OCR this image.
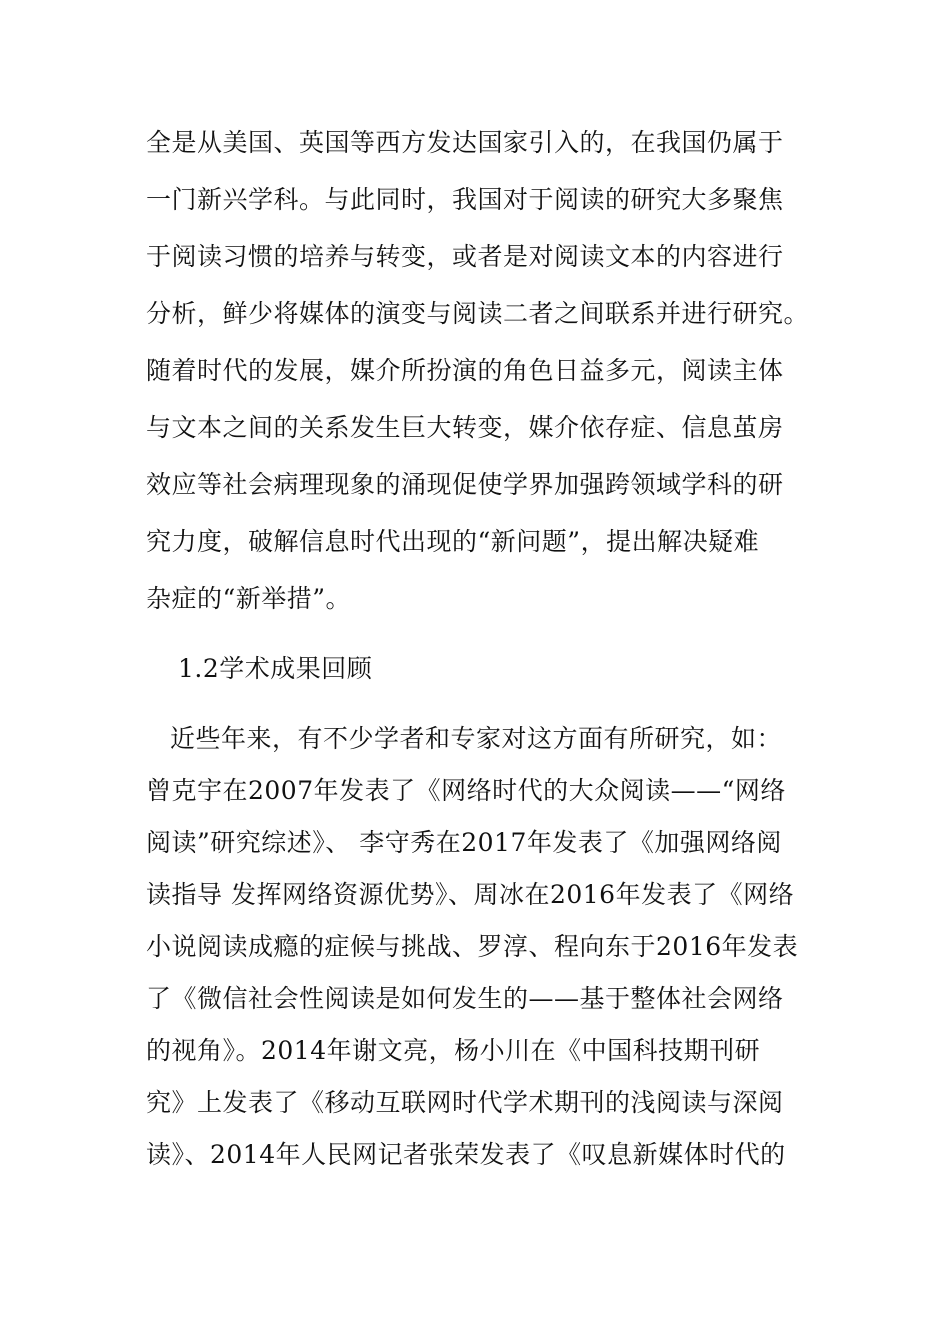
全是从美国、英国等西方发达国家引入的，在我国仍属于
一门新兴学科。与此同时，我国对于阅读的研究大多聚焦
于阅读习惯的培养与转变，或者是对阅读文本的内容进行
分析，鲜少将媒体的演变与阅读二者之间联系并进行研究。
随着时代的发展，媒介所扮演的角色日益多元，阅读主体
与文本之间的关系发生巨大转变，媒介依存症、信息茧房
效应等社会病理现象的涌现促使学界加强跨领域学科的研
究力度，破解信息时代出现的“新问题”，提出解决疑难
杂症的“新举措”。
1.2学术成果回顾
近些年来，有不少学者和专家对这方面有所研究，如：
曾克宇在2007年发表了《网络时代的大众阅读——“网络
阅读”研究综述》、 李守秀在2017年发表了《加强网络阅
读指导 发挥网络资源优势》、周冰在2016年发表了《网络
小说阅读成瘾的症候与挑战、罗淳、程向东于2016年发表
了《微信社会性阅读是如何发生的——基于整体社会网络
的视角》。2014年谢文亮，杨小川在《中国科技期刊研
究》上发表了《移动互联网时代学术期刊的浅阅读与深阅
读》、2014年人民网记者张荣发表了《叹息新媒体时代的
